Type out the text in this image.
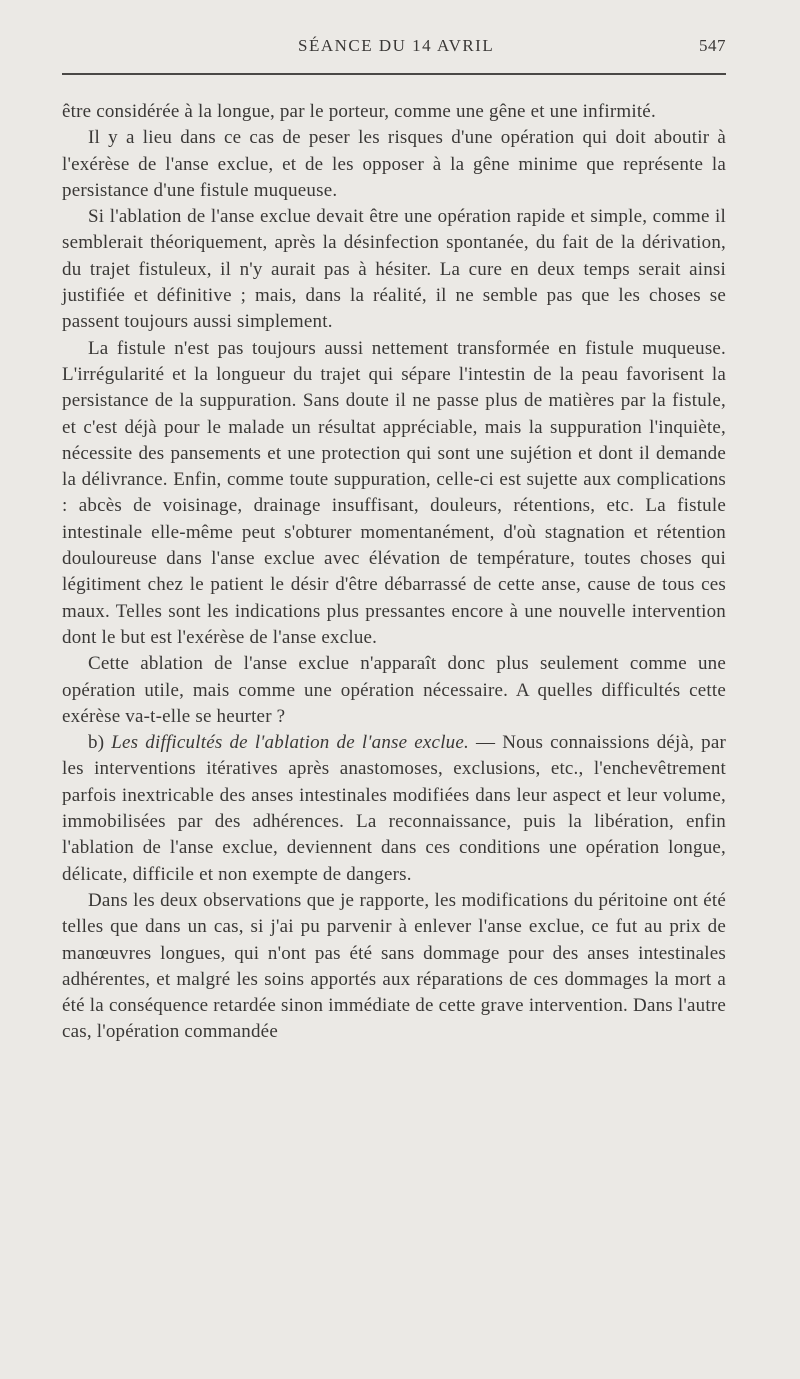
SÉANCE DU 14 AVRIL	547

être considérée à la longue, par le porteur, comme une gêne et une infirmité.

Il y a lieu dans ce cas de peser les risques d'une opération qui doit aboutir à l'exérèse de l'anse exclue, et de les opposer à la gêne minime que représente la persistance d'une fistule muqueuse.

Si l'ablation de l'anse exclue devait être une opération rapide et simple, comme il semblerait théoriquement, après la désinfection spontanée, du fait de la dérivation, du trajet fistuleux, il n'y aurait pas à hésiter. La cure en deux temps serait ainsi justifiée et définitive ; mais, dans la réalité, il ne semble pas que les choses se passent toujours aussi simplement.

La fistule n'est pas toujours aussi nettement transformée en fistule muqueuse. L'irrégularité et la longueur du trajet qui sépare l'intestin de la peau favorisent la persistance de la suppuration. Sans doute il ne passe plus de matières par la fistule, et c'est déjà pour le malade un résultat appréciable, mais la suppuration l'inquiète, nécessite des pansements et une protection qui sont une sujétion et dont il demande la délivrance. Enfin, comme toute suppuration, celle-ci est sujette aux complications : abcès de voisinage, drainage insuffisant, douleurs, rétentions, etc. La fistule intestinale elle-même peut s'obturer momentanément, d'où stagnation et rétention douloureuse dans l'anse exclue avec élévation de température, toutes choses qui légitiment chez le patient le désir d'être débarrassé de cette anse, cause de tous ces maux. Telles sont les indications plus pressantes encore à une nouvelle intervention dont le but est l'exérèse de l'anse exclue.

Cette ablation de l'anse exclue n'apparaît donc plus seulement comme une opération utile, mais comme une opération nécessaire. A quelles difficultés cette exérèse va-t-elle se heurter ?

b) Les difficultés de l'ablation de l'anse exclue. — Nous connaissions déjà, par les interventions itératives après anastomoses, exclusions, etc., l'enchevêtrement parfois inextricable des anses intestinales modifiées dans leur aspect et leur volume, immobilisées par des adhérences. La reconnaissance, puis la libération, enfin l'ablation de l'anse exclue, deviennent dans ces conditions une opération longue, délicate, difficile et non exempte de dangers.

Dans les deux observations que je rapporte, les modifications du péritoine ont été telles que dans un cas, si j'ai pu parvenir à enlever l'anse exclue, ce fut au prix de manœuvres longues, qui n'ont pas été sans dommage pour des anses intestinales adhérentes, et malgré les soins apportés aux réparations de ces dommages la mort a été la conséquence retardée sinon immédiate de cette grave intervention. Dans l'autre cas, l'opération commandée
